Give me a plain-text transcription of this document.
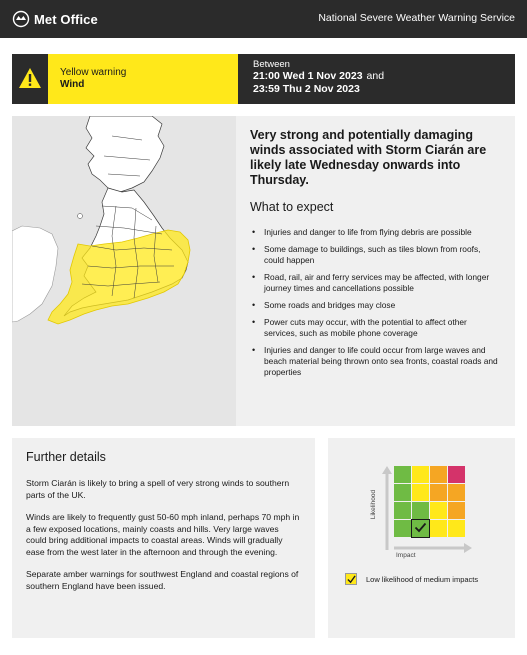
Met Office	National Severe Weather Warning Service
Yellow warning
Wind
Between
21:00 Wed 1 Nov 2023 and
23:59 Thu 2 Nov 2023
Very strong and potentially damaging winds associated with Storm Ciarán are likely late Wednesday onwards into Thursday.
What to expect
• Injuries and danger to life from flying debris are possible
• Some damage to buildings, such as tiles blown from roofs, could happen
• Road, rail, air and ferry services may be affected, with longer journey times and cancellations possible
• Some roads and bridges may close
• Power cuts may occur, with the potential to affect other services, such as mobile phone coverage
• Injuries and danger to life could occur from large waves and beach material being thrown onto sea fronts, coastal roads and properties
Further details

Storm Ciarán is likely to bring a spell of very strong winds to southern parts of the UK.

Winds are likely to frequently gust 50-60 mph inland, perhaps 70 mph in a few exposed locations, mainly coasts and hills. Very large waves could bring additional impacts to coastal areas. Winds will gradually ease from the west later in the afternoon and through the evening.

Separate amber warnings for southwest England and coastal regions of southern England have been issued.

Likelihood
Impact
Low likelihood of medium impacts
